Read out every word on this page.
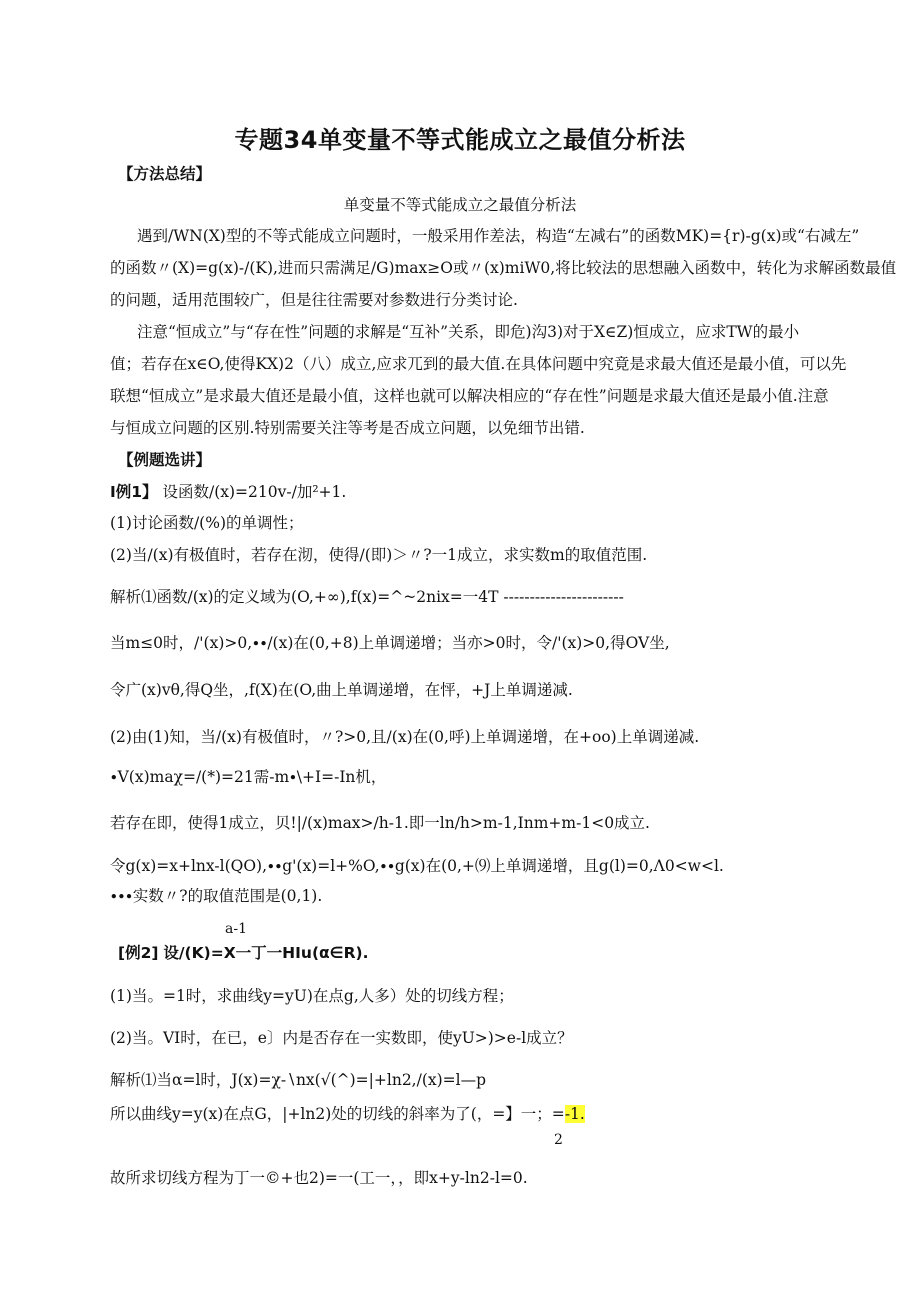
专题34单变量不等式能成立之最值分析法
【方法总结】
单变量不等式能成立之最值分析法
遇到/WN(X)型的不等式能成立问题时，一般采用作差法，构造“左减右”的函数MK)={r)-g(x)或“右减左”
的函数〃(X)=g(x)-/(K),进而只需满足/G)max≥O或〃(x)miW0,将比较法的思想融入函数中，转化为求解函数最值
的问题，适用范围较广，但是往往需要对参数进行分类讨论.
注意“恒成立”与“存在性”问题的求解是“互补”关系，即危)沟3)对于X∈Z)恒成立，应求TW的最小
值；若存在x∈O,使得KX)2（八）成立,应求兀到的最大值.在具体问题中究竟是求最大值还是最小值，可以先
联想“恒成立”是求最大值还是最小值，这样也就可以解决相应的“存在性”问题是求最大值还是最小值.注意
与恒成立问题的区别.特别需要关注等考是否成立问题，以免细节出错.
【例题选讲】
I例1】 设函数/(x)=210v-/加²+1.
(1)讨论函数/(%)的单调性；
(2)当/(x)有极值时，若存在沏，使得/(即)＞〃?一1成立，求实数m的取值范围.
解析⑴函数/(x)的定义域为(O,+∞),f(x)=^~2nix=一4T -----------------------
当m≤0时，/'(x)>0,∙∙/(x)在(0,+8)上单调递增；当亦>0时，令/'(x)>0,得OV坐,
令广(x)vθ,得Q坐，,f(X)在(O,曲上单调递增，在怦，+J上单调递减.
(2)由(1)知，当/(x)有极值时，〃?>0,且/(x)在(0,呼)上单调递增，在+oo)上单调递减.
∙V(x)maχ=/(*)=21需-m∙\+I=-In机，
若存在即，使得1成立，贝!|/(x)max>∕h-1.即一ln∕h>m-1,Inm+m-1<0成立.
令g(x)=x+lnx-l(QO),∙∙g'(x)=l+%O,∙∙g(x)在(0,+⑼上单调递增，且g(l)=0,Λ0<w<l.
∙∙∙实数〃?的取值范围是(0,1).
a-1
[例2] 设/(K)=X一丁一HIu(α∈R).
(1)当。=1时，求曲线y=yU)在点g,人多）处的切线方程；
(2)当。VI时，在已，e〕内是否存在一实数即，使yU>)>e-l成立？
解析⑴当α=l时，J(x)=χ-∖nx(√(^)=|+ln2,/(x)=l—p
所以曲线y=y(x)在点G，|+ln2)处的切线的斜率为了(，=】一；=-1.
2
故所求切线方程为丁一©+也2)=一(工一，，即x+y-ln2-l=0.
